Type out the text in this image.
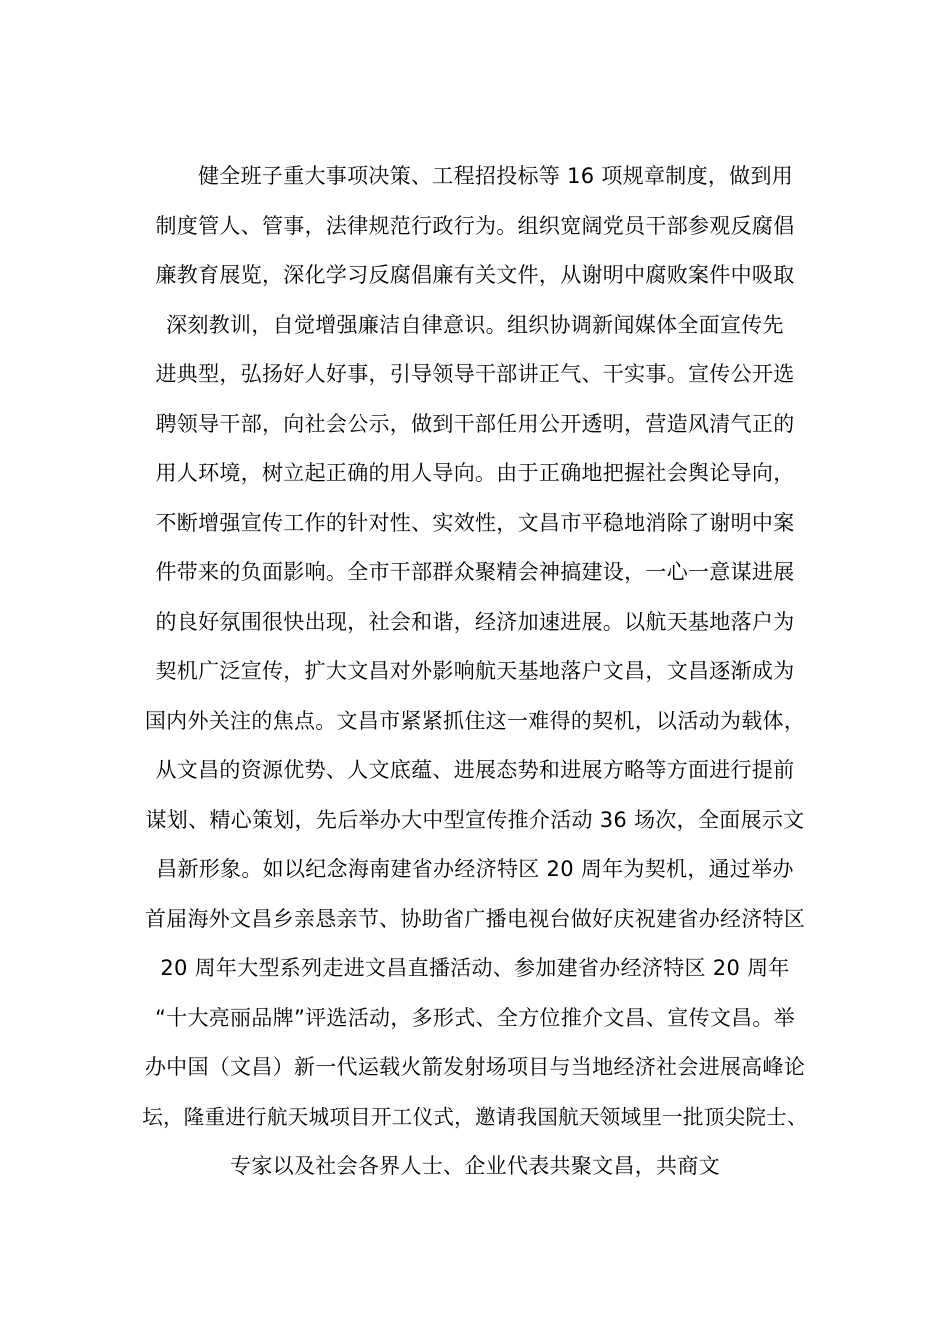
健全班子重大事项决策、工程招投标等 16 项规章制度，做到用
制度管人、管事，法律规范行政行为。组织宽阔党员干部参观反腐倡
廉教育展览，深化学习反腐倡廉有关文件，从谢明中腐败案件中吸取
深刻教训，自觉增强廉洁自律意识。组织协调新闻媒体全面宣传先
进典型，弘扬好人好事，引导领导干部讲正气、干实事。宣传公开选
聘领导干部，向社会公示，做到干部任用公开透明，营造风清气正的
用人环境，树立起正确的用人导向。由于正确地把握社会舆论导向，
不断增强宣传工作的针对性、实效性，文昌市平稳地消除了谢明中案
件带来的负面影响。全市干部群众聚精会神搞建设，一心一意谋进展
的良好氛围很快出现，社会和谐，经济加速进展。以航天基地落户为
契机广泛宣传，扩大文昌对外影响航天基地落户文昌，文昌逐渐成为
国内外关注的焦点。文昌市紧紧抓住这一难得的契机，以活动为载体，
从文昌的资源优势、人文底蕴、进展态势和进展方略等方面进行提前
谋划、精心策划，先后举办大中型宣传推介活动 36 场次，全面展示文
昌新形象。如以纪念海南建省办经济特区 20 周年为契机，通过举办
首届海外文昌乡亲恳亲节、协助省广播电视台做好庆祝建省办经济特区
20 周年大型系列走进文昌直播活动、参加建省办经济特区 20 周年
“十大亮丽品牌”评选活动，多形式、全方位推介文昌、宣传文昌。举
办中国（文昌）新一代运载火箭发射场项目与当地经济社会进展高峰论
坛，隆重进行航天城项目开工仪式，邀请我国航天领域里一批顶尖院士、
专家以及社会各界人士、企业代表共聚文昌，共商文
